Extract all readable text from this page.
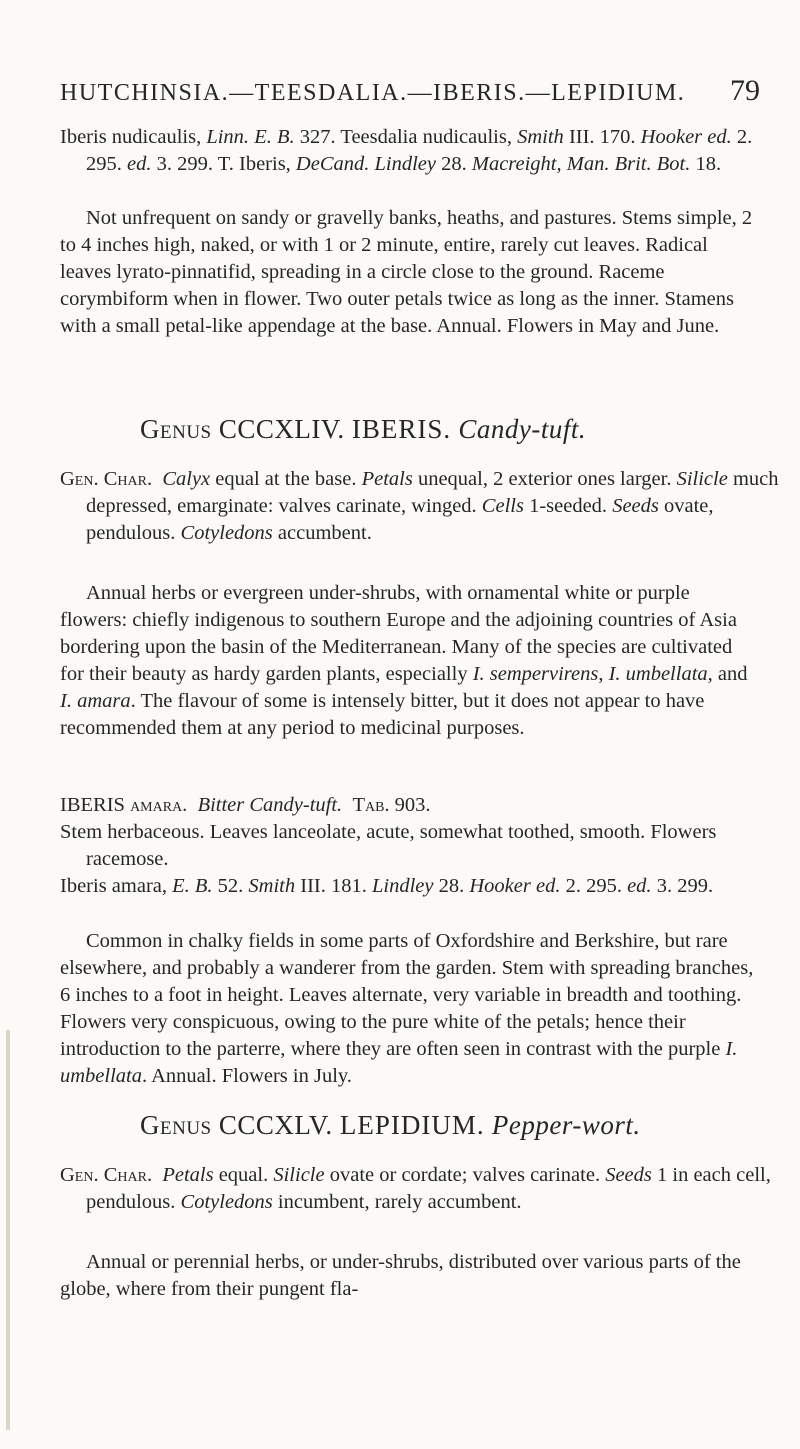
HUTCHINSIA.—TEESDALIA.—IBERIS.—LEPIDIUM. 79
Iberis nudicaulis, Linn. E. B. 327. Teesdalia nudicaulis, Smith III. 170. Hooker ed. 2. 295. ed. 3. 299. T. Iberis, DeCand. Lindley 28. Macreight, Man. Brit. Bot. 18.
Not unfrequent on sandy or gravelly banks, heaths, and pastures. Stems simple, 2 to 4 inches high, naked, or with 1 or 2 minute, entire, rarely cut leaves. Radical leaves lyrato-pinnatifid, spreading in a circle close to the ground. Raceme corymbiform when in flower. Two outer petals twice as long as the inner. Stamens with a small petal-like appendage at the base. Annual. Flowers in May and June.
Genus CCCXLIV. IBERIS. Candy-tuft.
Gen. Char. Calyx equal at the base. Petals unequal, 2 exterior ones larger. Silicle much depressed, emarginate: valves carinate, winged. Cells 1-seeded. Seeds ovate, pendulous. Cotyledons accumbent.
Annual herbs or evergreen under-shrubs, with ornamental white or purple flowers: chiefly indigenous to southern Europe and the adjoining countries of Asia bordering upon the basin of the Mediterranean. Many of the species are cultivated for their beauty as hardy garden plants, especially I. sempervirens, I. umbellata, and I. amara. The flavour of some is intensely bitter, but it does not appear to have recommended them at any period to medicinal purposes.
IBERIS amara. Bitter Candy-tuft. Tab. 903.
Stem herbaceous. Leaves lanceolate, acute, somewhat toothed, smooth. Flowers racemose.
Iberis amara, E. B. 52. Smith III. 181. Lindley 28. Hooker ed. 2. 295. ed. 3. 299.
Common in chalky fields in some parts of Oxfordshire and Berkshire, but rare elsewhere, and probably a wanderer from the garden. Stem with spreading branches, 6 inches to a foot in height. Leaves alternate, very variable in breadth and toothing. Flowers very conspicuous, owing to the pure white of the petals; hence their introduction to the parterre, where they are often seen in contrast with the purple I. umbellata. Annual. Flowers in July.
Genus CCCXLV. LEPIDIUM. Pepper-wort.
Gen. Char. Petals equal. Silicle ovate or cordate; valves carinate. Seeds 1 in each cell, pendulous. Cotyledons incumbent, rarely accumbent.
Annual or perennial herbs, or under-shrubs, distributed over various parts of the globe, where from their pungent fla-
